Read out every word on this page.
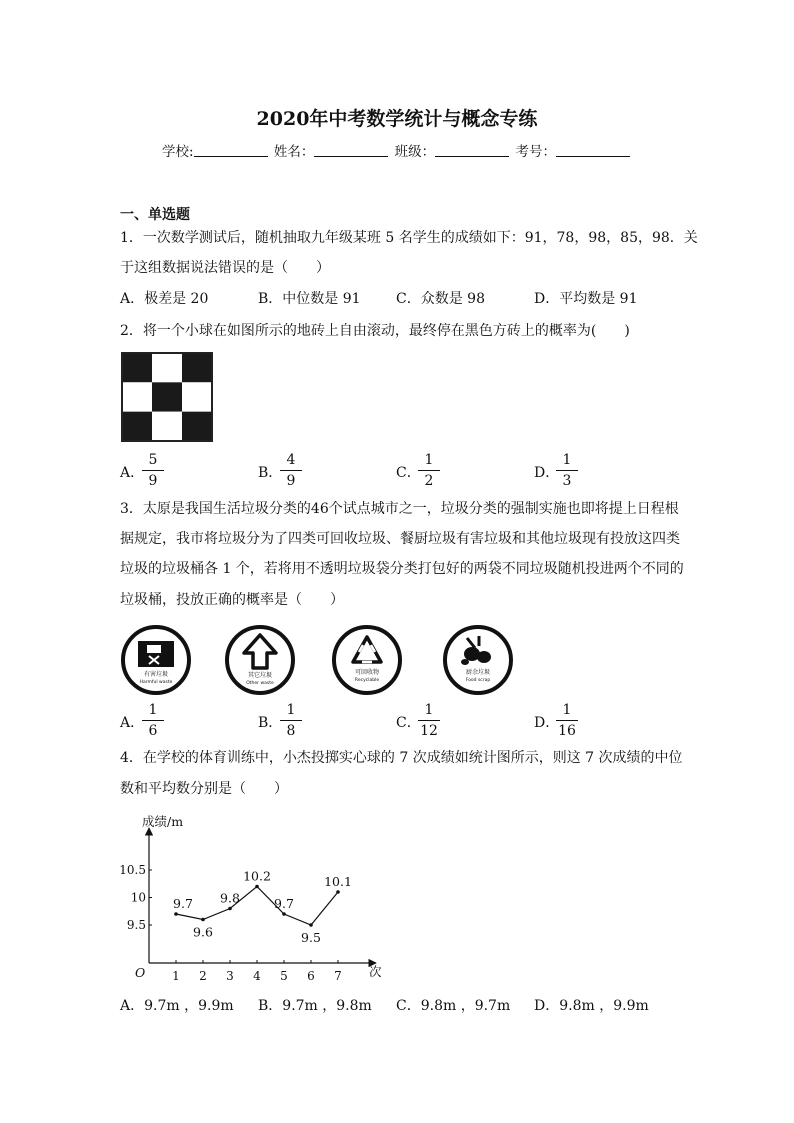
2020年中考数学统计与概念专练
学校:	姓名：	班级：	考号：
一、单选题
1．一次数学测试后，随机抽取九年级某班 5 名学生的成绩如下：91，78，98，85，98．关
于这组数据说法错误的是（　　）
A．极差是 20	B．中位数是 91	C．众数是 98	D．平均数是 91
2．将一个小球在如图所示的地砖上自由滚动，最终停在黑色方砖上的概率为(　　)
A．
$\frac{5}{9}$	B．
$\frac{4}{9}$	C．
$\frac{1}{2}$	D．
$\frac{1}{3}$
3．太原是我国生活垃圾分类的46个试点城市之一，垃圾分类的强制实施也即将提上日程根
据规定，我市将垃圾分为了四类可回收垃圾、餐厨垃圾有害垃圾和其他垃圾现有投放这四类
垃圾的垃圾桶各 1 个，若将用不透明垃圾袋分类打包好的两袋不同垃圾随机投进两个不同的
垃圾桶，投放正确的概率是（　　）
有害垃圾
Harmful waste
其它垃圾
Other waste
可回收物
Recyclable
厨余垃圾
Food scrap
A．
$\frac{1}{6}$	B．
$\frac{1}{8}$	C．
$\frac{1}{12}$	D．
$\frac{1}{16}$
4．在学校的体育训练中，小杰投掷实心球的 7 次成绩如统计图所示，则这 7 次成绩的中位
数和平均数分别是（　　）
成绩/m
次
O 1 2 3 4 5 6 7
9.5
10
10.5
9.7
9.6
9.8
10.2
9.7
9.5
10.1
A．9.7m ，9.9m B．9.7m ，9.8m C．9.8m ，9.7m D．9.8m ，9.9m
